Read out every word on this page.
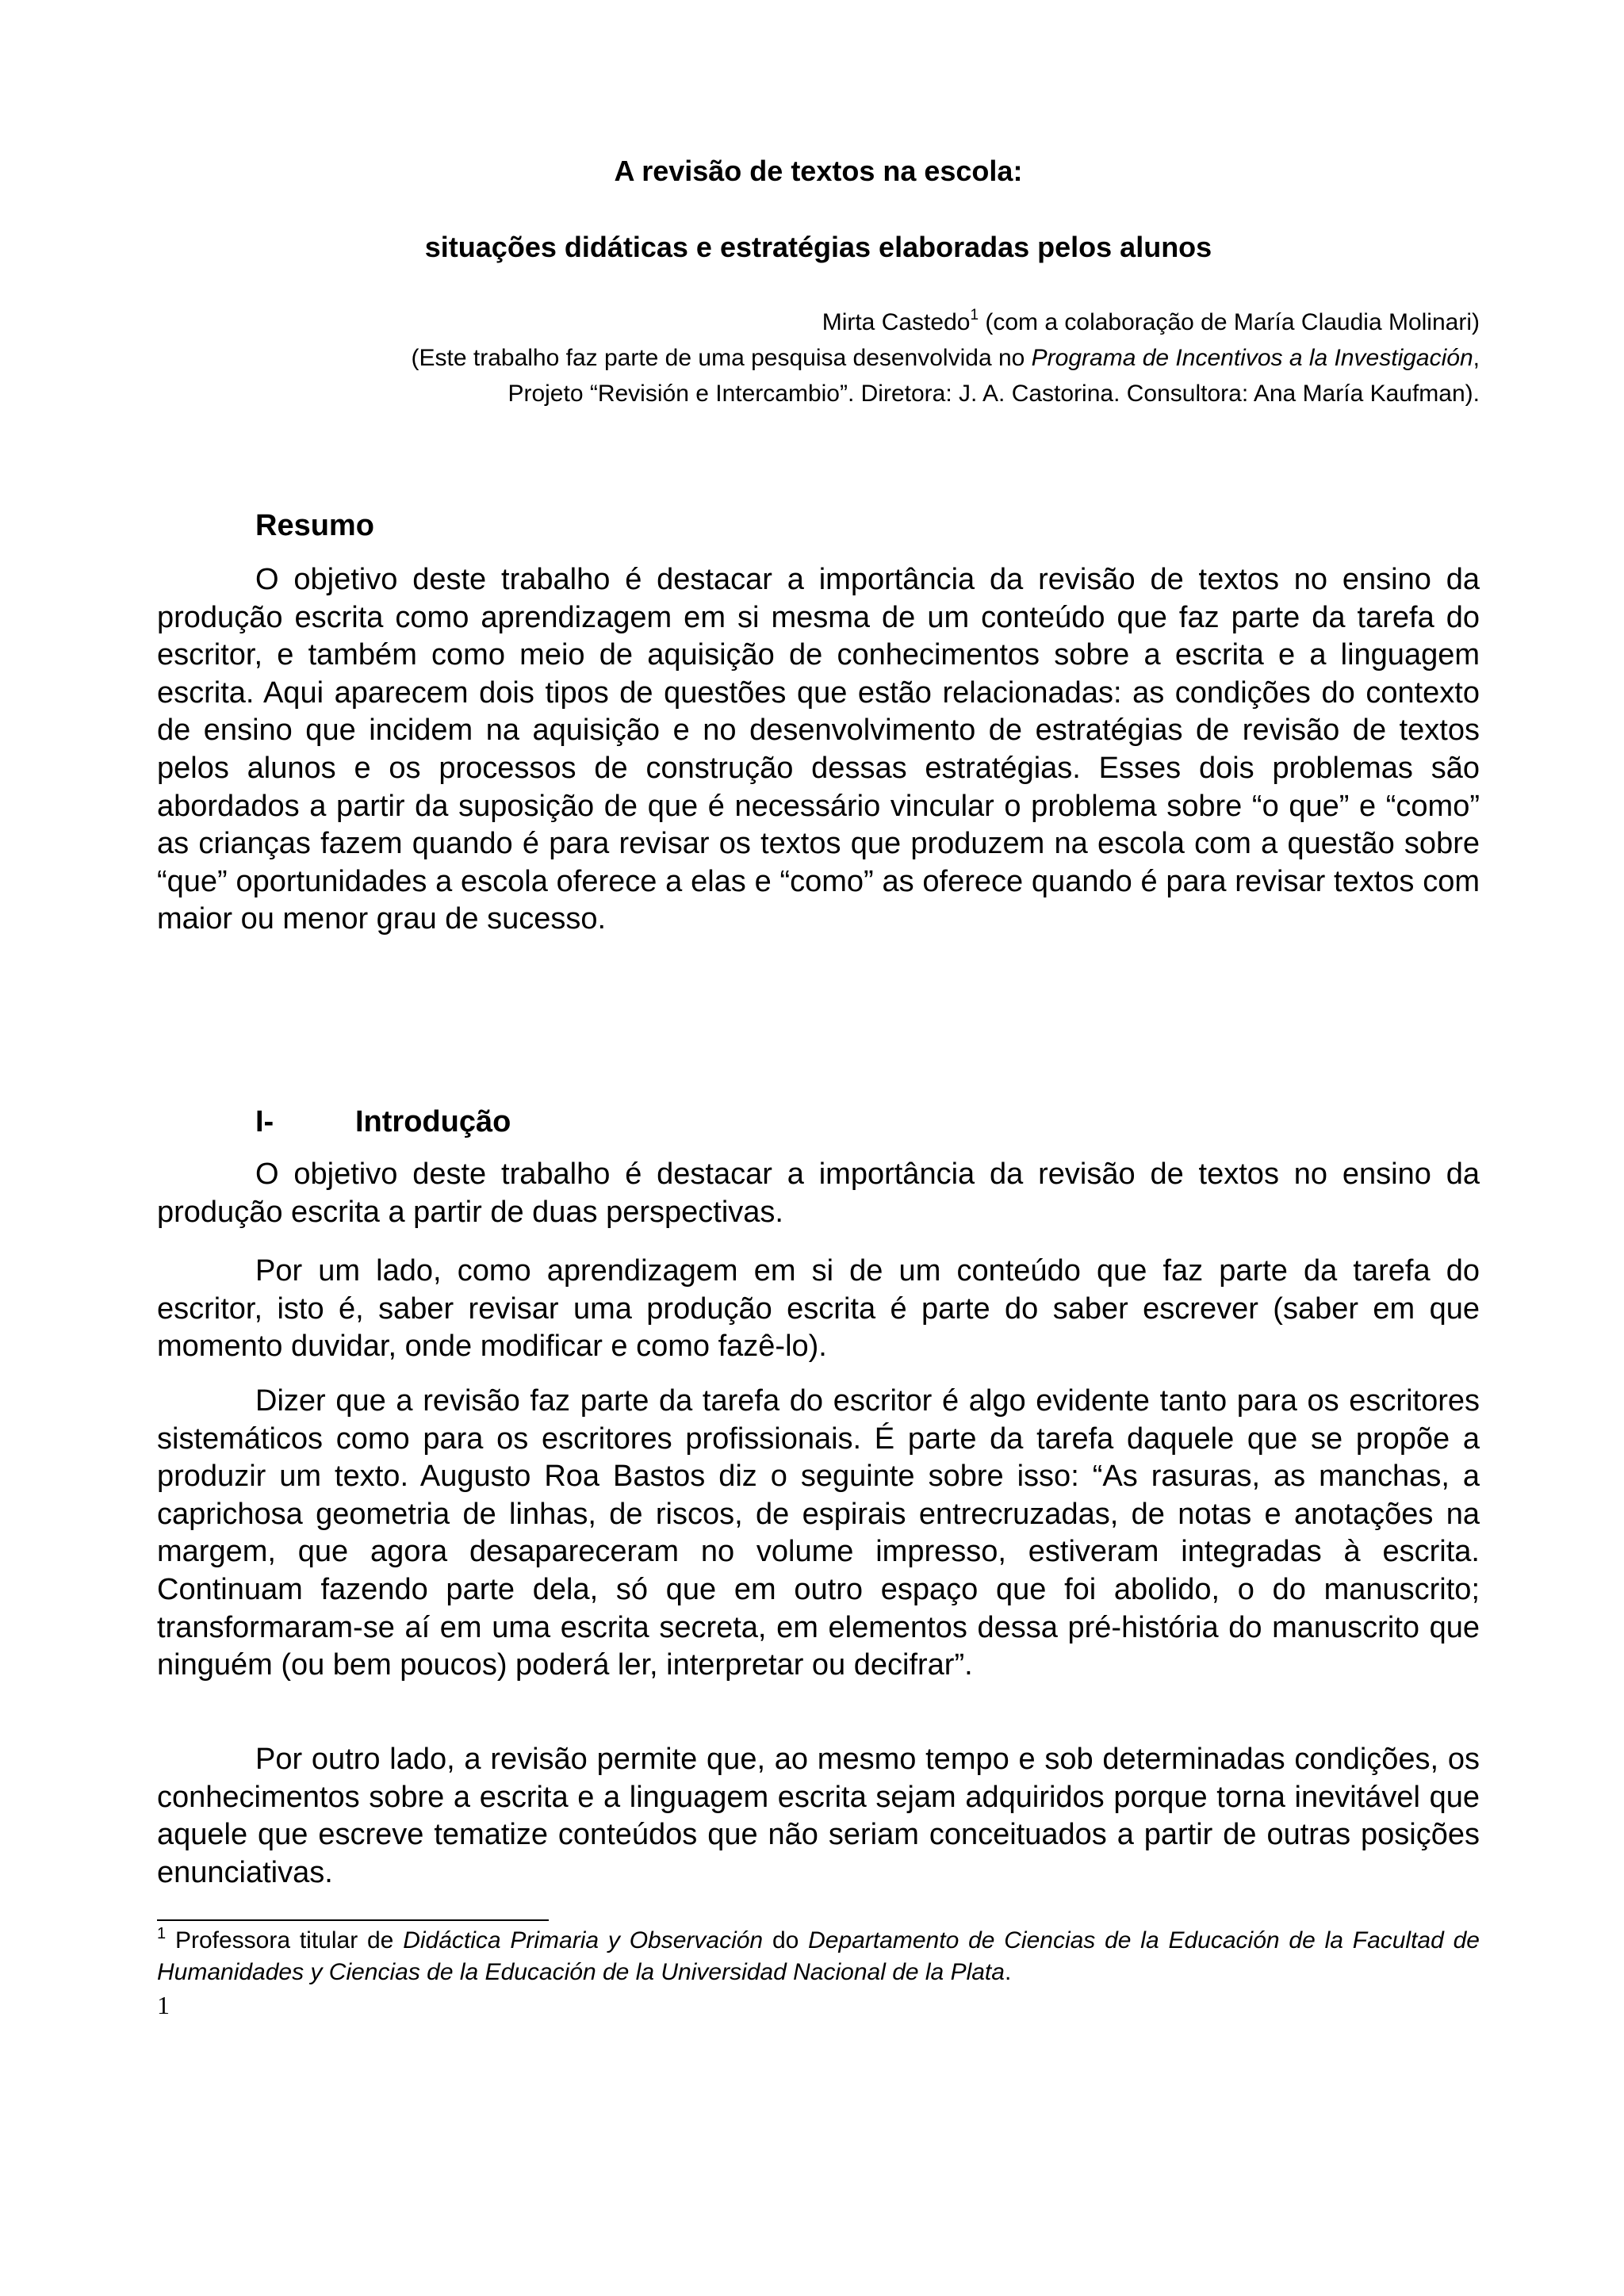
A revisão de textos na escola:
situações didáticas e estratégias elaboradas pelos alunos

Mirta Castedo$^1$ (com a colaboração de María Claudia Molinari)

(Este trabalho faz parte de uma pesquisa desenvolvida no Programa de Incentivos a la Investigación,

Projeto “Revisión e Intercambio”. Diretora: J. A. Castorina. Consultora: Ana María Kaufman).

Resumo

O objetivo deste trabalho é destacar a importância da revisão de textos no ensino da produção escrita como aprendizagem em si mesma de um conteúdo que faz parte da tarefa do escritor, e também como meio de aquisição de conhecimentos sobre a escrita e a linguagem escrita. Aqui aparecem dois tipos de questões que estão relacionadas: as condições do contexto de ensino que incidem na aquisição e no desenvolvimento de estratégias de revisão de textos pelos alunos e os processos de construção dessas estratégias. Esses dois problemas são abordados a partir da suposição de que é necessário vincular o problema sobre “o que” e “como” as crianças fazem quando é para revisar os textos que produzem na escola com a questão sobre “que” oportunidades a escola oferece a elas e “como” as oferece quando é para revisar textos com maior ou menor grau de sucesso.

I-	Introdução

O objetivo deste trabalho é destacar a importância da revisão de textos no ensino da produção escrita a partir de duas perspectivas.

Por um lado, como aprendizagem em si de um conteúdo que faz parte da tarefa do escritor, isto é, saber revisar uma produção escrita é parte do saber escrever (saber em que momento duvidar, onde modificar e como fazê-lo).

Dizer que a revisão faz parte da tarefa do escritor é algo evidente tanto para os escritores sistemáticos como para os escritores profissionais. É parte da tarefa daquele que se propõe a produzir um texto. Augusto Roa Bastos diz o seguinte sobre isso: “As rasuras, as manchas, a caprichosa geometria de linhas, de riscos, de espirais entrecruzadas, de notas e anotações na margem, que agora desapareceram no volume impresso, estiveram integradas à escrita. Continuam fazendo parte dela, só que em outro espaço que foi abolido, o do manuscrito; transformaram-se aí em uma escrita secreta, em elementos dessa pré-história do manuscrito que ninguém (ou bem poucos) poderá ler, interpretar ou decifrar”.

Por outro lado, a revisão permite que, ao mesmo tempo e sob determinadas condições, os conhecimentos sobre a escrita e a linguagem escrita sejam adquiridos porque torna inevitável que aquele que escreve tematize conteúdos que não seriam conceituados a partir de outras posições enunciativas.

$^1$ Professora titular de Didáctica Primaria y Observación do Departamento de Ciencias de la Educación de la Facultad de Humanidades y Ciencias de la Educación de la Universidad Nacional de la Plata.

1
